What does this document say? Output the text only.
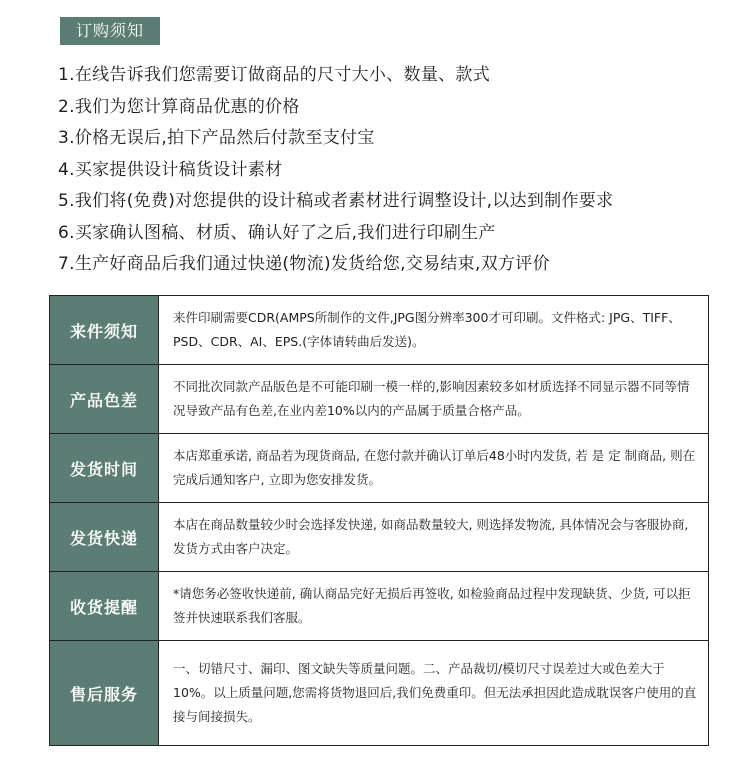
订购须知
1.在线告诉我们您需要订做商品的尺寸大小、数量、款式
2.我们为您计算商品优惠的价格
3.价格无误后,拍下产品然后付款至支付宝
4.买家提供设计稿货设计素材
5.我们将(免费)对您提供的设计稿或者素材进行调整设计,以达到制作要求
6.买家确认图稿、材质、确认好了之后,我们进行印刷生产
7.生产好商品后我们通过快递(物流)发货给您,交易结束,双方评价
来件须知	来件印刷需要CDR(AMPS所制作的文件,JPG图分辨率300才可印刷。文件格式: JPG、TIFF、PSD、CDR、AI、EPS.(字体请转曲后发送)。
产品色差	不同批次同款产品版色是不可能印刷一模一样的,影响因素较多如材质选择不同显示器不同等情况导致产品有色差,在业内差10%以内的产品属于质量合格产品。
发货时间	本店郑重承诺, 商品若为现货商品, 在您付款并确认订单后48小时内发货, 若 是 定 制商品, 则在完成后通知客户, 立即为您安排发货。
发货快递	本店在商品数量较少时会选择发快递, 如商品数量较大, 则选择发物流, 具体情况会与客服协商, 发货方式由客户决定。
收货提醒	*请您务必签收快递前, 确认商品完好无损后再签收, 如检验商品过程中发现缺货、少货, 可以拒签并快速联系我们客服。
售后服务	一、切错尺寸、漏印、图文缺失等质量问题。二、产品裁切/模切尺寸误差过大或色差大于10%。以上质量问题,您需将货物退回后,我们免费重印。但无法承担因此造成耽误客户使用的直接与间接损失。
